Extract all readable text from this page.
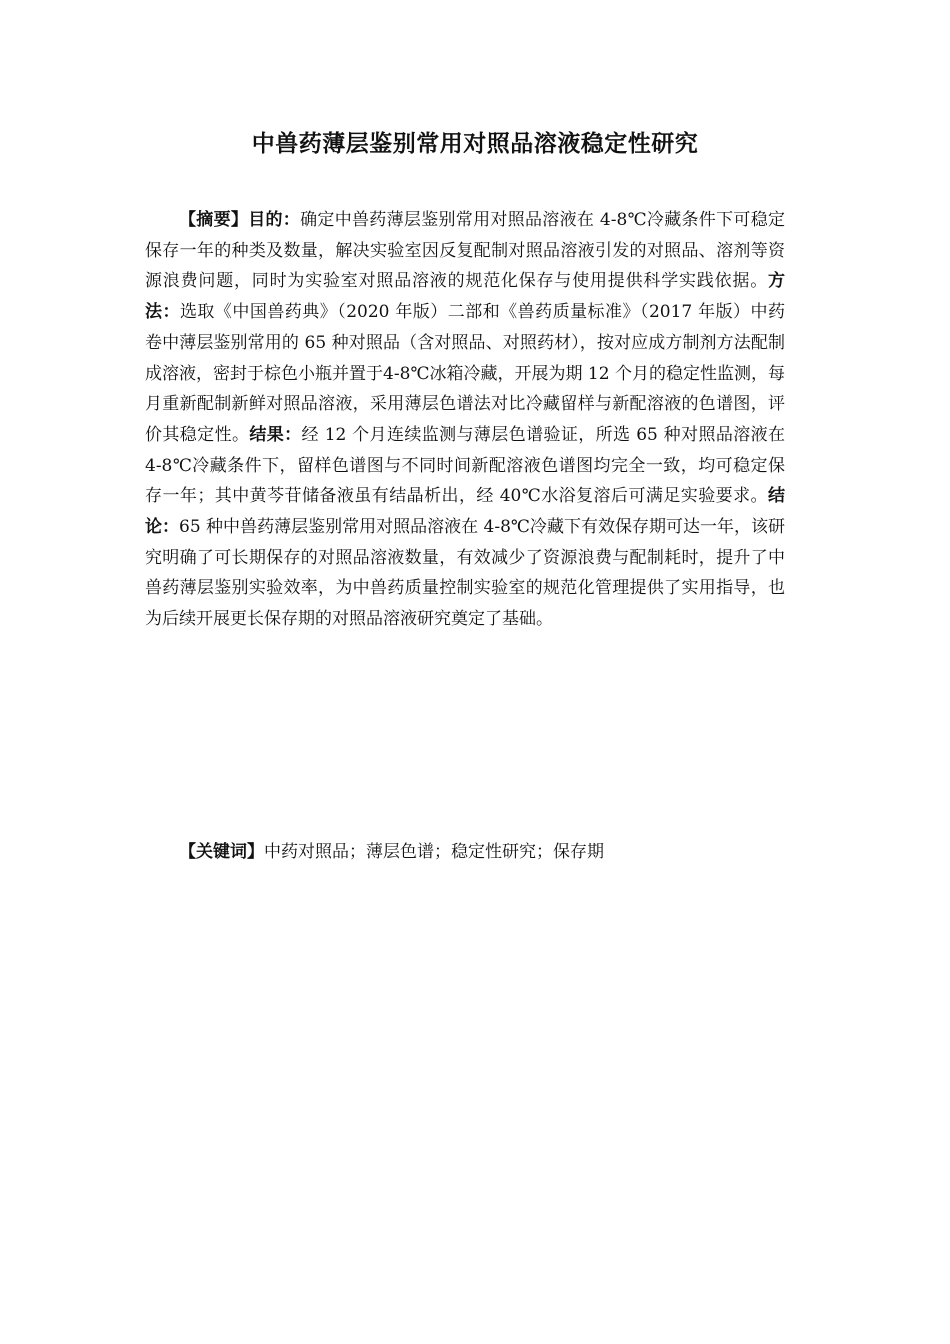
中兽药薄层鉴别常用对照品溶液稳定性研究

【摘要】目的：确定中兽药薄层鉴别常用对照品溶液在 4-8℃冷藏条件下可稳定保存一年的种类及数量，解决实验室因反复配制对照品溶液引发的对照品、溶剂等资源浪费问题，同时为实验室对照品溶液的规范化保存与使用提供科学实践依据。方法：选取《中国兽药典》（2020 年版）二部和《兽药质量标准》（2017 年版）中药卷中薄层鉴别常用的 65 种对照品（含对照品、对照药材），按对应成方制剂方法配制成溶液，密封于棕色小瓶并置于4-8℃冰箱冷藏，开展为期 12 个月的稳定性监测，每月重新配制新鲜对照品溶液，采用薄层色谱法对比冷藏留样与新配溶液的色谱图，评价其稳定性。结果：经 12 个月连续监测与薄层色谱验证，所选 65 种对照品溶液在 4-8℃冷藏条件下，留样色谱图与不同时间新配溶液色谱图均完全一致，均可稳定保存一年；其中黄芩苷储备液虽有结晶析出，经 40℃水浴复溶后可满足实验要求。结论：65 种中兽药薄层鉴别常用对照品溶液在 4-8℃冷藏下有效保存期可达一年，该研究明确了可长期保存的对照品溶液数量，有效减少了资源浪费与配制耗时，提升了中兽药薄层鉴别实验效率，为中兽药质量控制实验室的规范化管理提供了实用指导，也为后续开展更长保存期的对照品溶液研究奠定了基础。

【关键词】中药对照品；薄层色谱；稳定性研究；保存期
